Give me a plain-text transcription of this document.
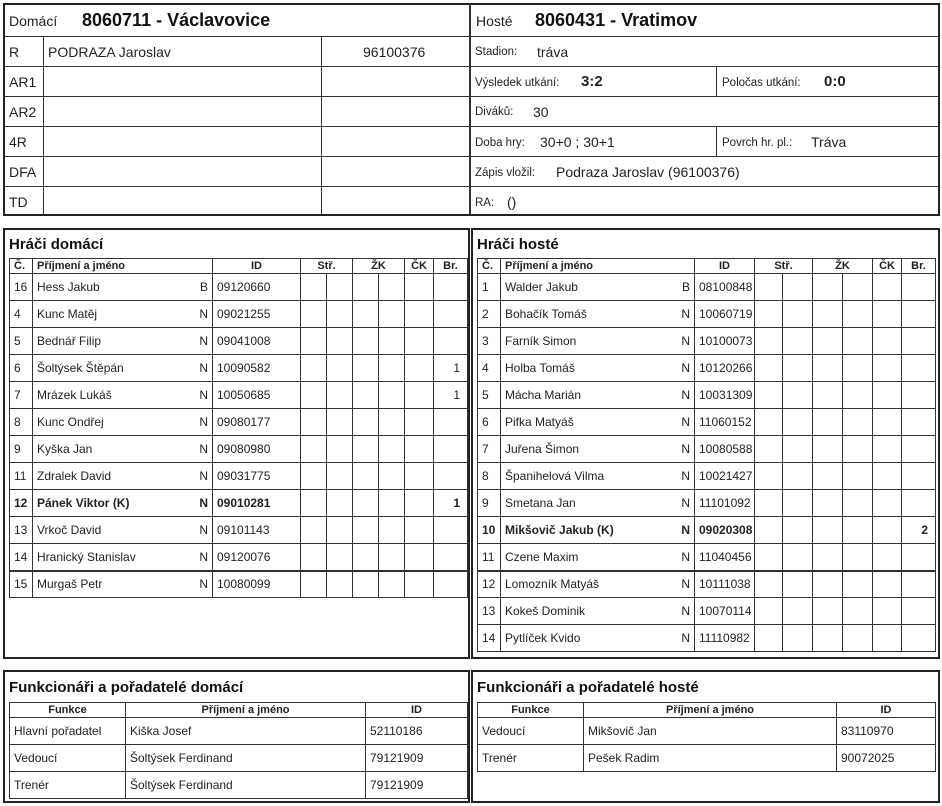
Domácí 8060711 - Václavovice	Hosté 8060431 - Vratimov
R PODRAZA Jaroslav	96100376
AR1
AR2
4R
DFA
TD
Stadion: tráva
Výsledek utkání: 3:2	Poločas utkání: 0:0
Diváků: 30
Doba hry: 30+0 ; 30+1	Povrch hr. pl.: Tráva
Zápis vložil: Podraza Jaroslav (96100376)
RA: ()
Hráči domácí	Hráči hosté
Č.	Příjmení a jméno	ID	Stř.		ŽK		ČK	Br.
16	Hess Jakub B	09120660						
4	Kunc Matěj N	09021255						
5	Bednář Filip N	09041008						
6	Šoltýsek Štěpán N	10090582						1
7	Mrázek Lukáš N	10050685						1
8	Kunc Ondřej N	09080177						
9	Kyška Jan N	09080980						
11	Zdralek David N	09031775						
12	Pánek Viktor (K) N	09010281						1
13	Vrkoč David N	09101143						
14	Hranický Stanislav N	09120076						
15	Murgaš Petr N	10080099						
Č.	Příjmení a jméno	ID	Stř.		ŽK		ČK	Br.
1	Walder Jakub B	08100848						
2	Bohačík Tomáš N	10060719						
3	Farník Simon N	10100073						
4	Holba Tomáš N	10120266						
5	Mácha Marián N	10031309						
6	Pifka Matyáš N	11060152						
7	Juřena Šimon N	10080588						
8	Španihelová Vilma N	10021427						
9	Smetana Jan N	11101092						
10	Mikšovič Jakub (K) N	09020308						2
11	Czene Maxim N	11040456						
12	Lomozník Matyáš N	10111038						
13	Kokeš Dominik N	10070114						
14	Pytlíček Kvido N	11110982						
Funkcionáři a pořadatelé domácí	Funkcionáři a pořadatelé hosté
Funkce	Příjmení a jméno	ID
Hlavní pořadatel	Kiška Josef	52110186
Vedoucí	Šoltýsek Ferdinand	79121909
Trenér	Šoltýsek Ferdinand	79121909
Funkce	Příjmení a jméno	ID
Vedoucí	Mikšovič Jan	83110970
Trenér	Pešek Radim	90072025
